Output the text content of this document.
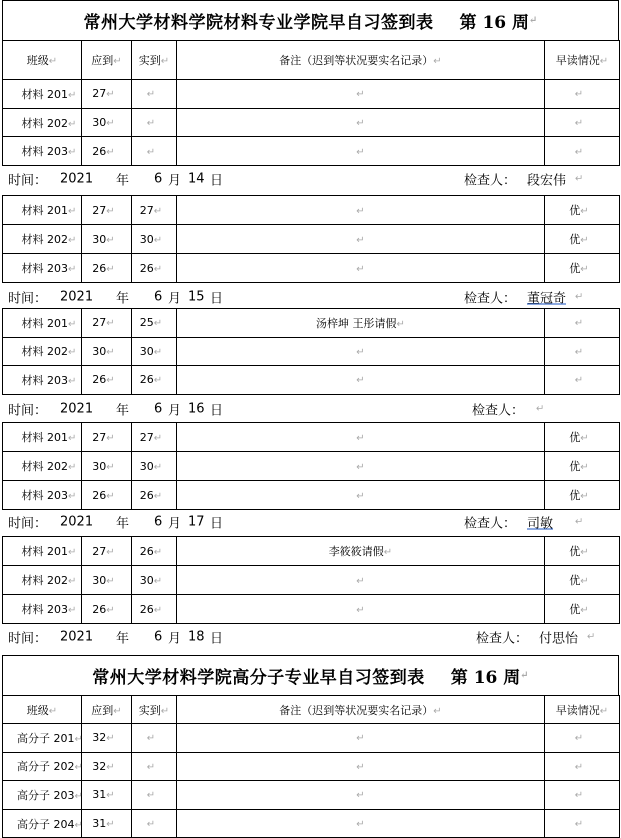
常州大学材料学院材料专业学院早自习签到表 第 16 周 ↵
班级↵	应到↵	实到↵	备注（迟到等状况要实名记录）↵	早读情况↵
材料 201↵	27↵	↵	↵	↵
材料 202↵	30↵	↵	↵	↵
材料 203↵	26↵	↵	↵	↵
时间： 2021 年 6 月 14 日	检查人： 段宏伟 ↵
材料 201↵	27↵	27↵	↵	优↵
材料 202↵	30↵	30↵	↵	优↵
材料 203↵	26↵	26↵	↵	优↵
时间： 2021 年 6 月 15 日	检查人： 董冠奇 ↵
材料 201↵	27↵	25↵	汤梓坤 王彤请假↵	↵
材料 202↵	30↵	30↵	↵	↵
材料 203↵	26↵	26↵	↵	↵
时间： 2021 年 6 月 16 日	检查人： ↵
材料 201↵	27↵	27↵	↵	优↵
材料 202↵	30↵	30↵	↵	优↵
材料 203↵	26↵	26↵	↵	优↵
时间： 2021 年 6 月 17 日	检查人： 司敏 ↵
材料 201↵	27↵	26↵	李筱筱请假↵	优↵
材料 202↵	30↵	30↵	↵	优↵
材料 203↵	26↵	26↵	↵	优↵
时间： 2021 年 6 月 18 日	检查人： 付思怡 ↵
常州大学材料学院高分子专业早自习签到表 第 16 周 ↵
班级↵	应到↵	实到↵	备注（迟到等状况要实名记录）↵	早读情况↵
高分子 201↵	32↵	↵	↵	↵
高分子 202↵	32↵	↵	↵	↵
高分子 203↵	31↵	↵	↵	↵
高分子 204↵	31↵	↵	↵	↵
